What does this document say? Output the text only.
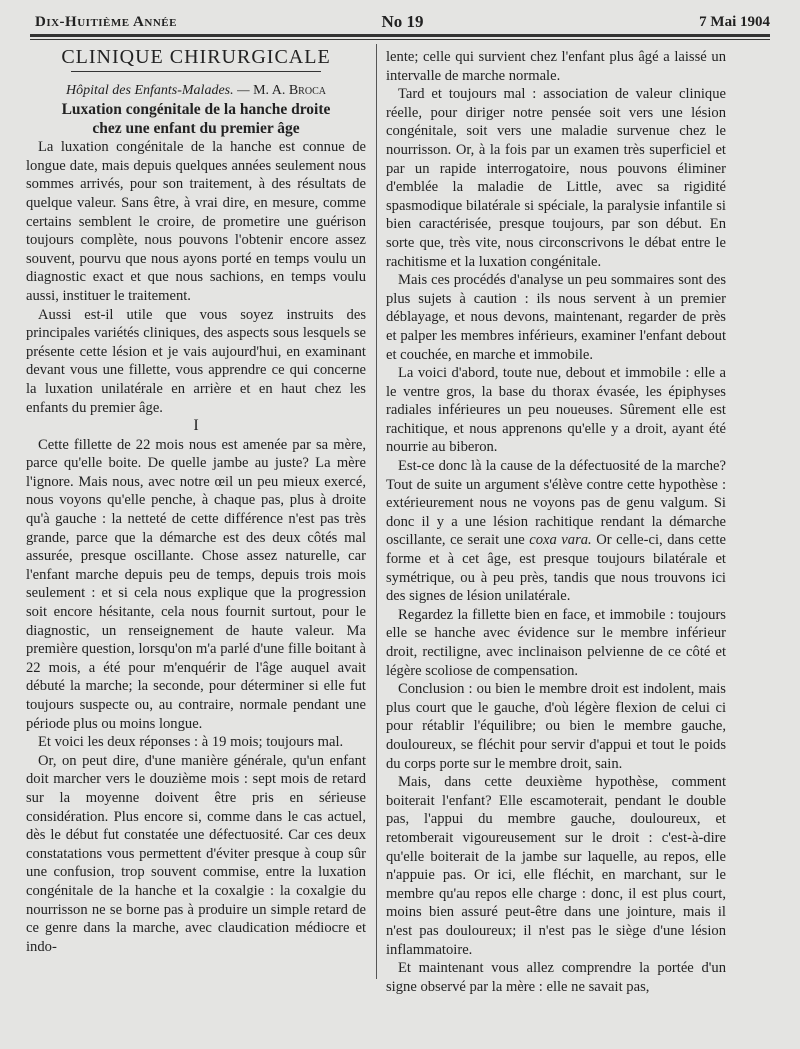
Dix-Huitième Année	No 19	7 Mai 1904

CLINIQUE CHIRURGICALE

Hôpital des Enfants-Malades. — M. A. Broca

Luxation congénitale de la hanche droite
chez une enfant du premier âge

La luxation congénitale de la hanche est connue de longue date, mais depuis quelques années seulement nous sommes arrivés, pour son traitement, à des résultats de quelque valeur. Sans être, à vrai dire, en mesure, comme certains semblent le croire, de prometire une guérison toujours complète, nous pouvons l'obtenir encore assez souvent, pourvu que nous ayons porté en temps voulu un diagnostic exact et que nous sachions, en temps voulu aussi, instituer le traitement.

Aussi est-il utile que vous soyez instruits des principales variétés cliniques, des aspects sous lesquels se présente cette lésion et je vais aujourd'hui, en examinant devant vous une fillette, vous apprendre ce qui concerne la luxation unilatérale en arrière et en haut chez les enfants du premier âge.

I

Cette fillette de 22 mois nous est amenée par sa mère, parce qu'elle boite. De quelle jambe au juste? La mère l'ignore. Mais nous, avec notre œil un peu mieux exercé, nous voyons qu'elle penche, à chaque pas, plus à droite qu'à gauche : la netteté de cette différence n'est pas très grande, parce que la démarche est des deux côtés mal assurée, presque oscillante. Chose assez naturelle, car l'enfant marche depuis peu de temps, depuis trois mois seulement : et si cela nous explique que la progression soit encore hésitante, cela nous fournit surtout, pour le diagnostic, un renseignement de haute valeur. Ma première question, lorsqu'on m'a parlé d'une fille boitant à 22 mois, a été pour m'enquérir de l'âge auquel avait débuté la marche; la seconde, pour déterminer si elle fut toujours suspecte ou, au contraire, normale pendant une période plus ou moins longue.

Et voici les deux réponses : à 19 mois; toujours mal.

Or, on peut dire, d'une manière générale, qu'un enfant doit marcher vers le douzième mois : sept mois de retard sur la moyenne doivent être pris en sérieuse considération. Plus encore si, comme dans le cas actuel, dès le début fut constatée une défectuosité. Car ces deux constatations vous permettent d'éviter presque à coup sûr une confusion, trop souvent commise, entre la luxation congénitale de la hanche et la coxalgie : la coxalgie du nourrisson ne se borne pas à produire un simple retard de ce genre dans la marche, avec claudication médiocre et indo-

lente; celle qui survient chez l'enfant plus âgé a laissé un intervalle de marche normale.

Tard et toujours mal : association de valeur clinique réelle, pour diriger notre pensée soit vers une lésion congénitale, soit vers une maladie survenue chez le nourrisson. Or, à la fois par un examen très superficiel et par un rapide interrogatoire, nous pouvons éliminer d'emblée la maladie de Little, avec sa rigidité spasmodique bilatérale si spéciale, la paralysie infantile si bien caractérisée, presque toujours, par son début. En sorte que, très vite, nous circonscrivons le débat entre le rachitisme et la luxation congénitale.

Mais ces procédés d'analyse un peu sommaires sont des plus sujets à caution : ils nous servent à un premier déblayage, et nous devons, maintenant, regarder de près et palper les membres inférieurs, examiner l'enfant debout et couchée, en marche et immobile.

La voici d'abord, toute nue, debout et immobile : elle a le ventre gros, la base du thorax évasée, les épiphyses radiales inférieures un peu noueuses. Sûrement elle est rachitique, et nous apprenons qu'elle y a droit, ayant été nourrie au biberon.

Est-ce donc là la cause de la défectuosité de la marche? Tout de suite un argument s'élève contre cette hypothèse : extérieurement nous ne voyons pas de genu valgum. Si donc il y a une lésion rachitique rendant la démarche oscillante, ce serait une coxa vara. Or celle-ci, dans cette forme et à cet âge, est presque toujours bilatérale et symétrique, ou à peu près, tandis que nous trouvons ici des signes de lésion unilatérale.

Regardez la fillette bien en face, et immobile : toujours elle se hanche avec évidence sur le membre inférieur droit, rectiligne, avec inclinaison pelvienne de ce côté et légère scoliose de compensation.

Conclusion : ou bien le membre droit est indolent, mais plus court que le gauche, d'où légère flexion de celui ci pour rétablir l'équilibre; ou bien le membre gauche, douloureux, se fléchit pour servir d'appui et tout le poids du corps porte sur le membre droit, sain.

Mais, dans cette deuxième hypothèse, comment boiterait l'enfant? Elle escamoterait, pendant le double pas, l'appui du membre gauche, douloureux, et retomberait vigoureusement sur le droit : c'est-à-dire qu'elle boiterait de la jambe sur laquelle, au repos, elle n'appuie pas. Or ici, elle fléchit, en marchant, sur le membre qu'au repos elle charge : donc, il est plus court, moins bien assuré peut-être dans une jointure, mais il n'est pas douloureux; il n'est pas le siège d'une lésion inflammatoire.

Et maintenant vous allez comprendre la portée d'un signe observé par la mère : elle ne savait pas,
